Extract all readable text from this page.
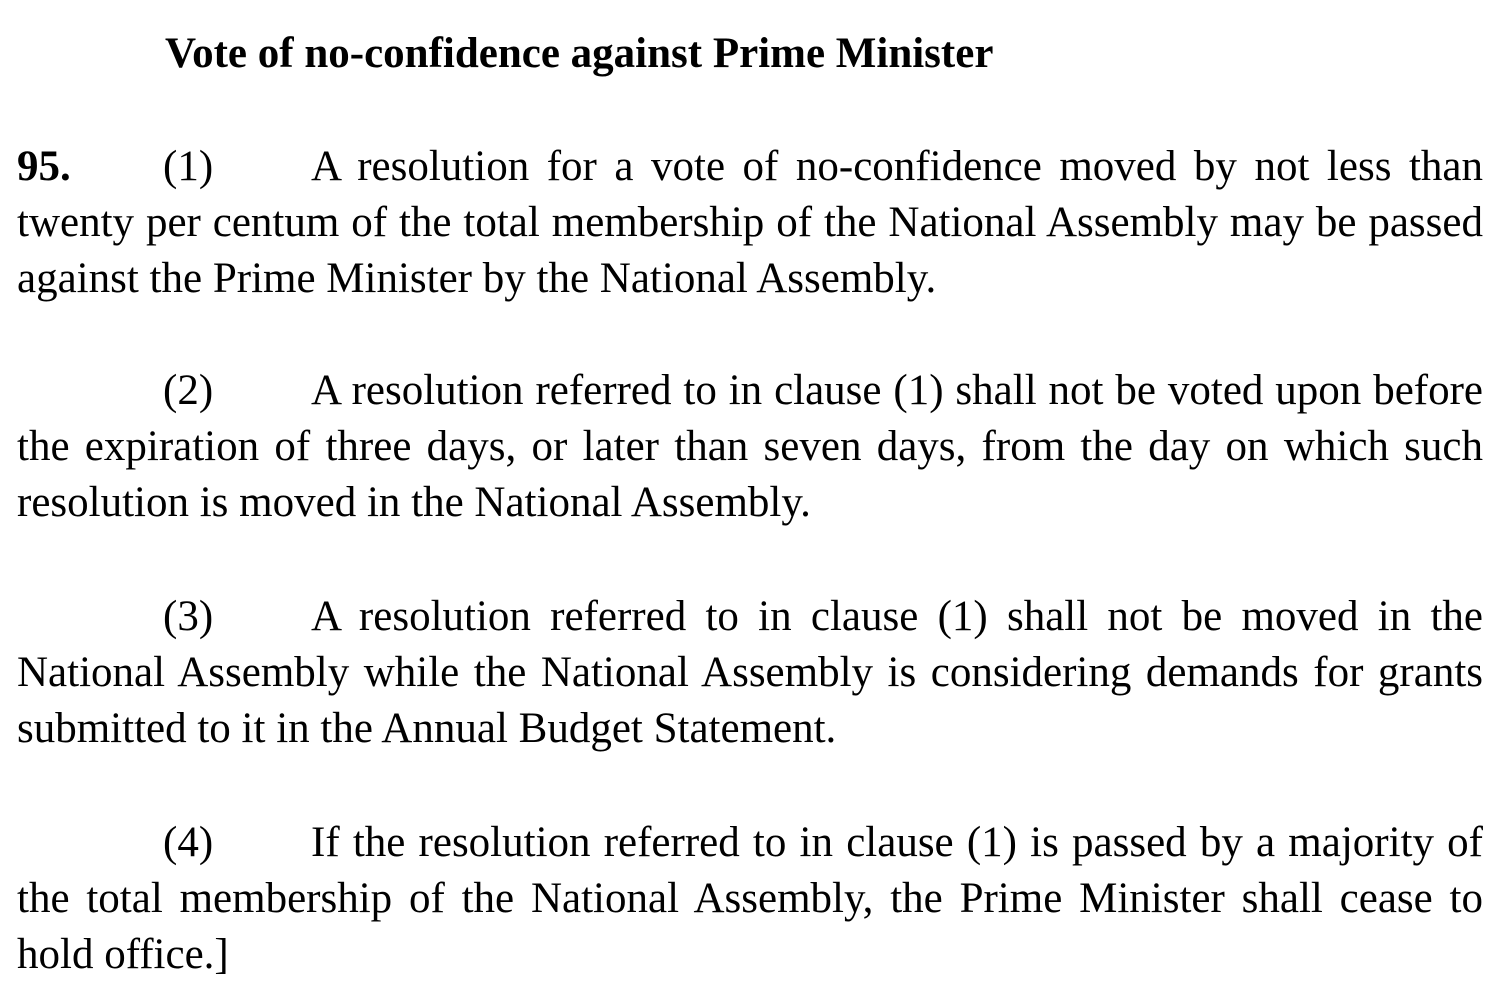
Vote of no-confidence against Prime Minister

95. (1) A resolution for a vote of no-confidence moved by not less than twenty per centum of the total membership of the National Assembly may be passed against the Prime Minister by the National Assembly.

(2) A resolution referred to in clause (1) shall not be voted upon before the expiration of three days, or later than seven days, from the day on which such resolution is moved in the National Assembly.

(3) A resolution referred to in clause (1) shall not be moved in the National Assembly while the National Assembly is considering demands for grants submitted to it in the Annual Budget Statement.

(4) If the resolution referred to in clause (1) is passed by a majority of the total membership of the National Assembly, the Prime Minister shall cease to hold office.]
